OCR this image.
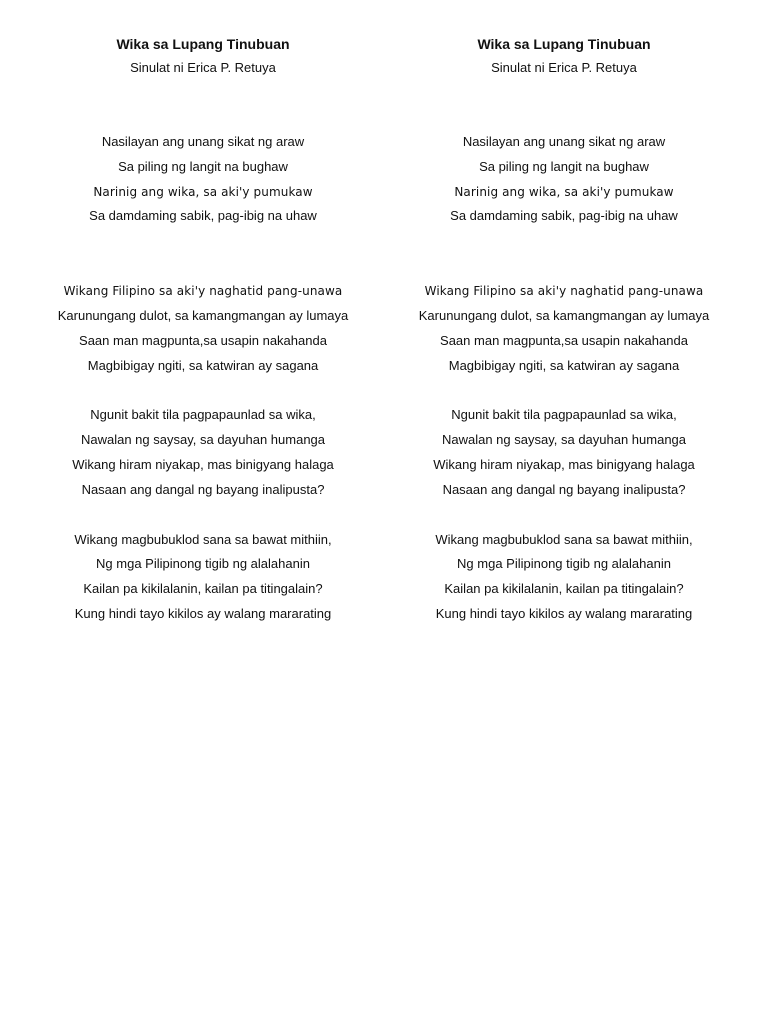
Wika sa Lupang Tinubuan
Sinulat ni Erica P. Retuya
Nasilayan ang unang sikat ng araw
Sa piling ng langit na bughaw
Narinig ang wika, sa aki'y pumukaw
Sa damdaming sabik, pag-ibig na uhaw
Wikang Filipino sa aki'y naghatid pang-unawa
Karunungang dulot, sa kamangmangan ay lumaya
Saan man magpunta,sa usapin nakahanda
Magbibigay ngiti, sa katwiran ay sagana
Ngunit bakit tila pagpapaunlad sa wika,
Nawalan ng saysay, sa dayuhan humanga
Wikang hiram niyakap, mas binigyang halaga
Nasaan ang dangal ng bayang inalipusta?
Wikang magbubuklod sana sa bawat mithiin,
Ng mga Pilipinong tigib ng alalahanin
Kailan pa kikilalanin, kailan pa titingalain?
Kung hindi tayo kikilos ay walang mararating
Wika sa Lupang Tinubuan
Sinulat ni Erica P. Retuya
Nasilayan ang unang sikat ng araw
Sa piling ng langit na bughaw
Narinig ang wika, sa aki'y pumukaw
Sa damdaming sabik, pag-ibig na uhaw
Wikang Filipino sa aki'y naghatid pang-unawa
Karunungang dulot, sa kamangmangan ay lumaya
Saan man magpunta,sa usapin nakahanda
Magbibigay ngiti, sa katwiran ay sagana
Ngunit bakit tila pagpapaunlad sa wika,
Nawalan ng saysay, sa dayuhan humanga
Wikang hiram niyakap, mas binigyang halaga
Nasaan ang dangal ng bayang inalipusta?
Wikang magbubuklod sana sa bawat mithiin,
Ng mga Pilipinong tigib ng alalahanin
Kailan pa kikilalanin, kailan pa titingalain?
Kung hindi tayo kikilos ay walang mararating
